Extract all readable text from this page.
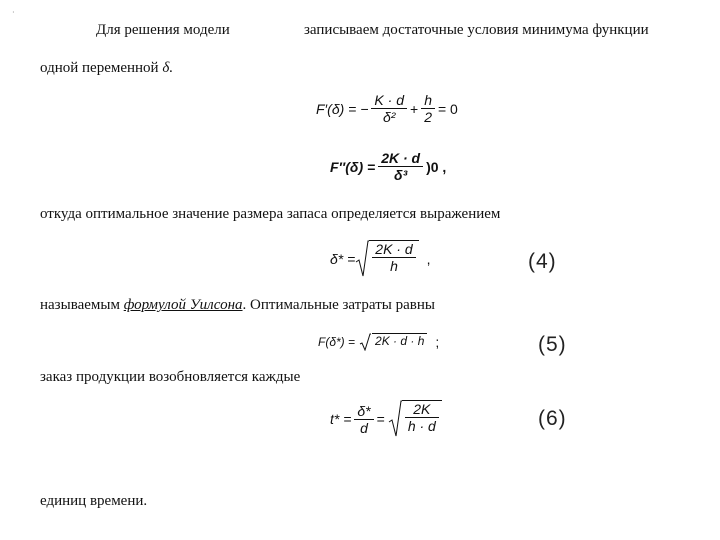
·
Для решения модели	записываем достаточные условия минимума функции
одной переменной δ.
F′(δ) = − $\frac{K \cdot d}{\text{δ²}} + \frac{h}{2} = 0$
$F''(\delta) = \frac{2K \cdot d}{\text{δ³}} )0$ ,
откуда оптимальное значение размера запаса определяется выражением
$\delta* = \frac{2K \cdot d}{h}$ ,	(4)
называемым формулой Уилсона. Оптимальные затраты равны
F(δ*) = 2K · d · h ;	(5)
заказ продукции возобновляется каждые
$t* = \frac{\delta*}{d} = \frac{2K}{h \cdot d}$	(6)
единиц времени.
